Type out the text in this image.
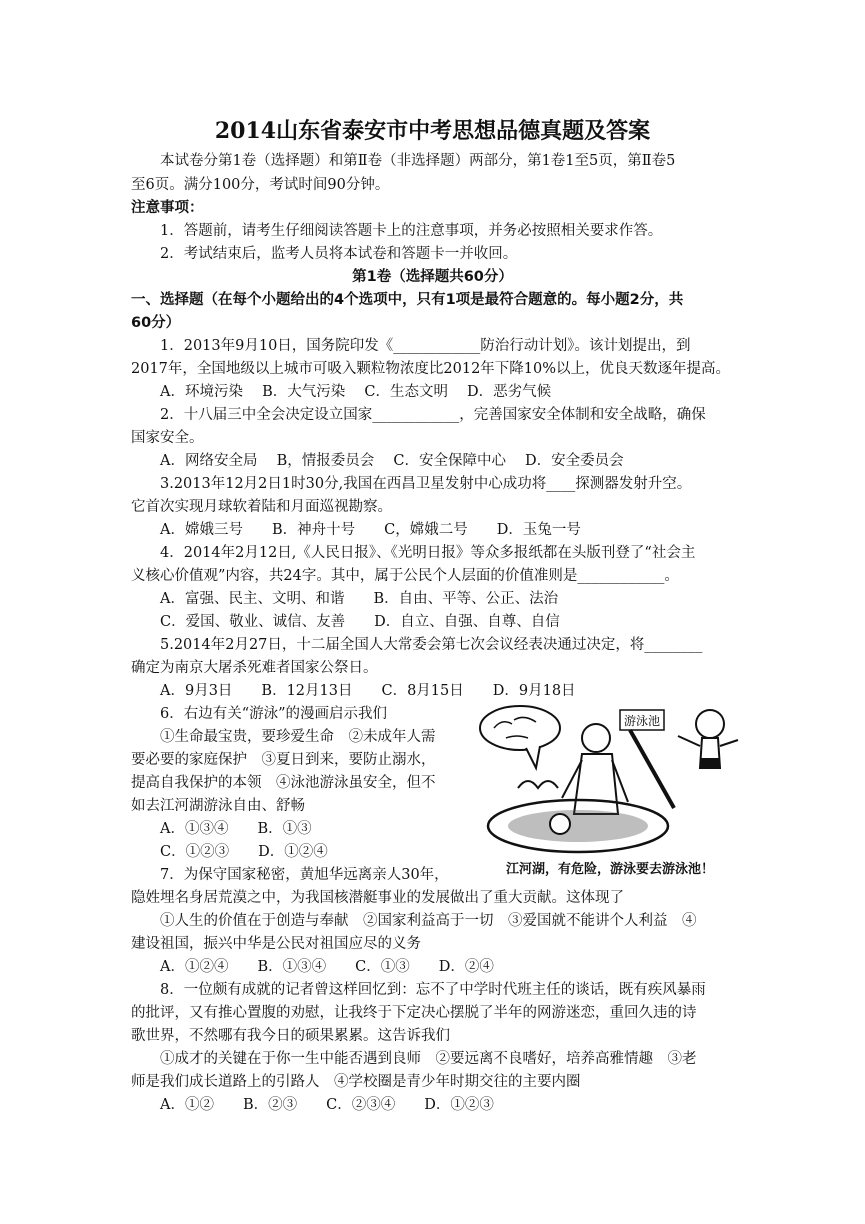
2014山东省泰安市中考思想品德真题及答案
本试卷分第1卷（选择题）和第Ⅱ卷（非选择题）两部分，第1卷1至5页，第Ⅱ卷5
至6页。满分100分，考试时间90分钟。
注意事项：
1．答题前，请考生仔细阅读答题卡上的注意事项，并务必按照相关要求作答。
2．考试结束后，监考人员将本试卷和答题卡一并收回。
第1卷（选择题共60分）
一、选择题（在每个小题给出的4个选项中，只有1项是最符合题意的。每小题2分，共
60分）
1．2013年9月10日，国务院印发《____________防治行动计划》。该计划提出，到
2017年，全国地级以上城市可吸入颗粒物浓度比2012年下降10%以上，优良天数逐年提高。
A．环境污染　 B．大气污染　 C．生态文明　 D．恶劣气候
2．十八届三中全会决定设立国家____________，完善国家安全体制和安全战略，确保
国家安全。
A．网络安全局　 B，情报委员会　 C．安全保障中心　 D．安全委员会
3.2013年12月2日1时30分,我国在西昌卫星发射中心成功将____探测器发射升空。
它首次实现月球软着陆和月面巡视勘察。
A．嫦娥三号　　B．神舟十号　　C，嫦娥二号　　D．玉兔一号
4．2014年2月12日,《人民日报》、《光明日报》等众多报纸都在头版刊登了“社会主
义核心价值观”内容，共24字。其中，属于公民个人层面的价值准则是____________。
A．富强、民主、文明、和谐　　B．自由、平等、公正、法治
C．爱国、敬业、诚信、友善　　D．自立、自强、自尊、自信
5.2014年2月27日，十二届全国人大常委会第七次会议经表决通过决定，将________
确定为南京大屠杀死难者国家公祭日。
A．9月3日　　B．12月13日　　C．8月15日　　D．9月18日
6．右边有关“游泳”的漫画启示我们
①生命最宝贵，要珍爱生命　②未成年人需
要必要的家庭保护　③夏日到来，要防止溺水，
提高自我保护的本领　④泳池游泳虽安全，但不
如去江河湖游泳自由、舒畅
A．①③④　　B．①③
C．①②③　　D．①②④
游泳池
江河湖，有危险，游泳要去游泳池！
7．为保守国家秘密，黄旭华远离亲人30年，
隐姓埋名身居荒漠之中，为我国核潜艇事业的发展做出了重大贡献。这体现了
①人生的价值在于创造与奉献　②国家利益高于一切　③爱国就不能讲个人利益　④
建设祖国，振兴中华是公民对祖国应尽的义务
A．①②④　　B．①③④　　C．①③　　D．②④
8．一位颇有成就的记者曾这样回忆到：忘不了中学时代班主任的谈话，既有疾风暴雨
的批评，又有推心置腹的劝慰，让我终于下定决心摆脱了半年的网游迷恋，重回久违的诗
歌世界，不然哪有我今日的硕果累累。这告诉我们
①成才的关键在于你一生中能否遇到良师　②要远离不良嗜好，培养高雅情趣　③老
师是我们成长道路上的引路人　④学校圈是青少年时期交往的主要内圈
A．①②　　B．②③　　C．②③④　　D．①②③
